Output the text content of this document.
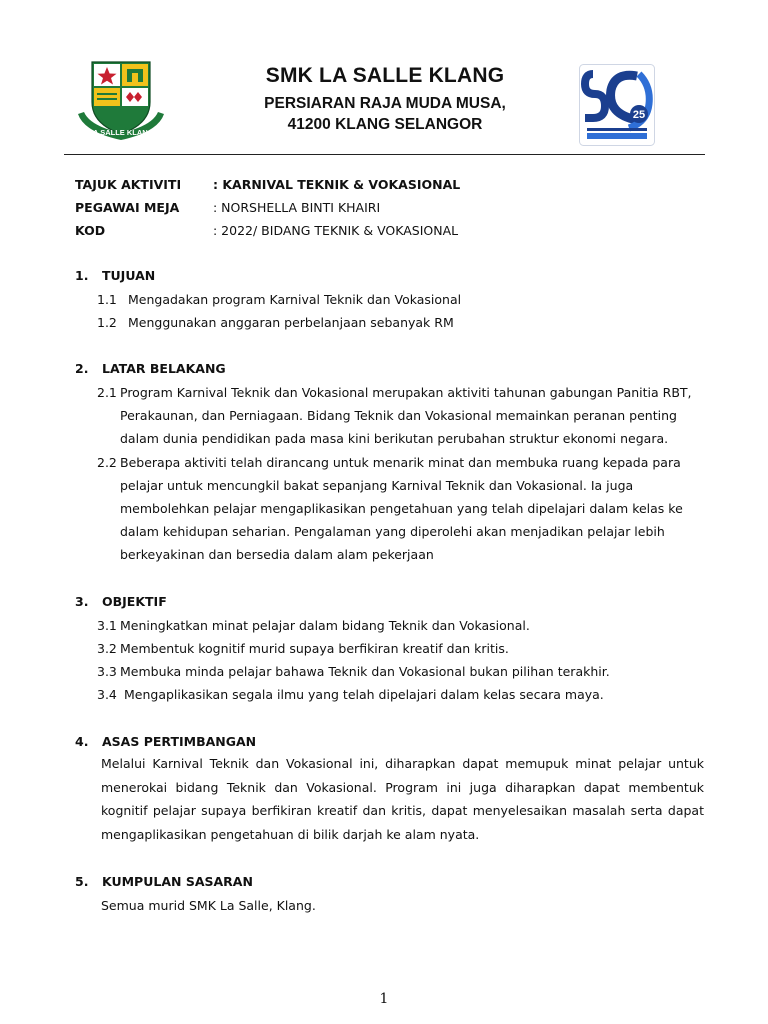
LA SALLE KLANG
SMK LA SALLE KLANG
PERSIARAN RAJA MUDA MUSA,
41200 KLANG SELANGOR
25
TAJUK AKTIVITI	: KARNIVAL TEKNIK & VOKASIONAL
PEGAWAI MEJA	: NORSHELLA BINTI KHAIRI
KOD	: 2022/ BIDANG TEKNIK & VOKASIONAL
1. TUJUAN
1.1 Mengadakan program Karnival Teknik dan Vokasional
1.2 Menggunakan anggaran perbelanjaan sebanyak RM
2. LATAR BELAKANG
2.1 Program Karnival Teknik dan Vokasional merupakan aktiviti tahunan gabungan Panitia RBT,
Perakaunan, dan Perniagaan. Bidang Teknik dan Vokasional memainkan peranan penting
dalam dunia pendidikan pada masa kini berikutan perubahan struktur ekonomi negara.
2.2 Beberapa aktiviti telah dirancang untuk menarik minat dan membuka ruang kepada para
pelajar untuk mencungkil bakat sepanjang Karnival Teknik dan Vokasional. Ia juga
membolehkan pelajar mengaplikasikan pengetahuan yang telah dipelajari dalam kelas ke
dalam kehidupan seharian. Pengalaman yang diperolehi akan menjadikan pelajar lebih
berkeyakinan dan bersedia dalam alam pekerjaan
3. OBJEKTIF
3.1 Meningkatkan minat pelajar dalam bidang Teknik dan Vokasional.
3.2 Membentuk kognitif murid supaya berfikiran kreatif dan kritis.
3.3 Membuka minda pelajar bahawa Teknik dan Vokasional bukan pilihan terakhir.
3.4 Mengaplikasikan segala ilmu yang telah dipelajari dalam kelas secara maya.
4. ASAS PERTIMBANGAN
Melalui Karnival Teknik dan Vokasional ini, diharapkan dapat memupuk minat pelajar untuk menerokai bidang Teknik dan Vokasional. Program ini juga diharapkan dapat membentuk kognitif pelajar supaya berfikiran kreatif dan kritis, dapat menyelesaikan masalah serta dapat mengaplikasikan pengetahuan di bilik darjah ke alam nyata.
5. KUMPULAN SASARAN
Semua murid SMK La Salle, Klang.
1
